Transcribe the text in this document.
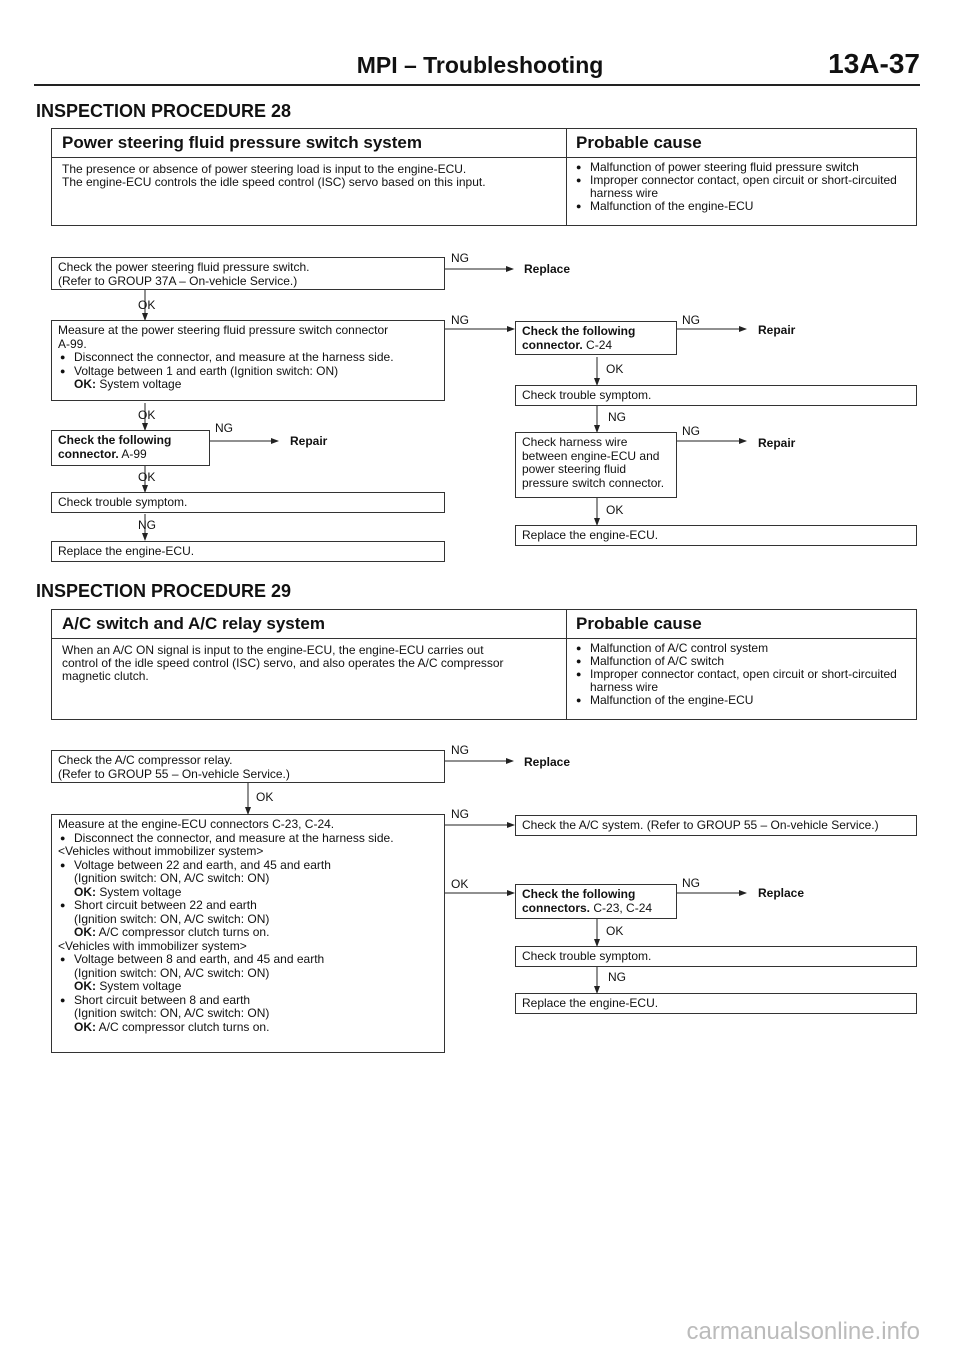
MPI – Troubleshooting	13A-37
INSPECTION PROCEDURE 28
Power steering fluid pressure switch system	Probable cause
The presence or absence of power steering load is input to the engine-ECU.
The engine-ECU controls the idle speed control (ISC) servo based on this input.
● Malfunction of power steering fluid pressure switch
● Improper connector contact, open circuit or short-circuited harness wire
● Malfunction of the engine-ECU
Check the power steering fluid pressure switch.
(Refer to GROUP 37A – On-vehicle Service.)
NG
Replace
OK
Measure at the power steering fluid pressure switch connector
A-99.
● Disconnect the connector, and measure at the harness side.
● Voltage between 1 and earth (Ignition switch: ON)
OK: System voltage
NG
Check the following connector. C-24
NG
Repair
OK
Check trouble symptom.
OK
Check the following connector. A-99
NG
Repair
NG
Check harness wire between engine-ECU and power steering fluid pressure switch connector.
NG
Repair
OK
Check trouble symptom.
OK
NG
Replace the engine-ECU.
Replace the engine-ECU.
INSPECTION PROCEDURE 29
A/C switch and A/C relay system	Probable cause
When an A/C ON signal is input to the engine-ECU, the engine-ECU carries out
control of the idle speed control (ISC) servo, and also operates the A/C compressor
magnetic clutch.
● Malfunction of A/C control system
● Malfunction of A/C switch
● Improper connector contact, open circuit or short-circuited harness wire
● Malfunction of the engine-ECU
Check the A/C compressor relay.
(Refer to GROUP 55 – On-vehicle Service.)
NG
Replace
OK
Measure at the engine-ECU connectors C-23, C-24.
● Disconnect the connector, and measure at the harness side.
<Vehicles without immobilizer system>
● Voltage between 22 and earth, and 45 and earth
(Ignition switch: ON, A/C switch: ON)
OK: System voltage
● Short circuit between 22 and earth
(Ignition switch: ON, A/C switch: ON)
OK: A/C compressor clutch turns on.
<Vehicles with immobilizer system>
● Voltage between 8 and earth, and 45 and earth
(Ignition switch: ON, A/C switch: ON)
OK: System voltage
● Short circuit between 8 and earth
(Ignition switch: ON, A/C switch: ON)
OK: A/C compressor clutch turns on.
NG
Check the A/C system. (Refer to GROUP 55 – On-vehicle Service.)
OK
Check the following connectors. C-23, C-24
NG
Replace
OK
Check trouble symptom.
NG
Replace the engine-ECU.
carmanualsonline.info
